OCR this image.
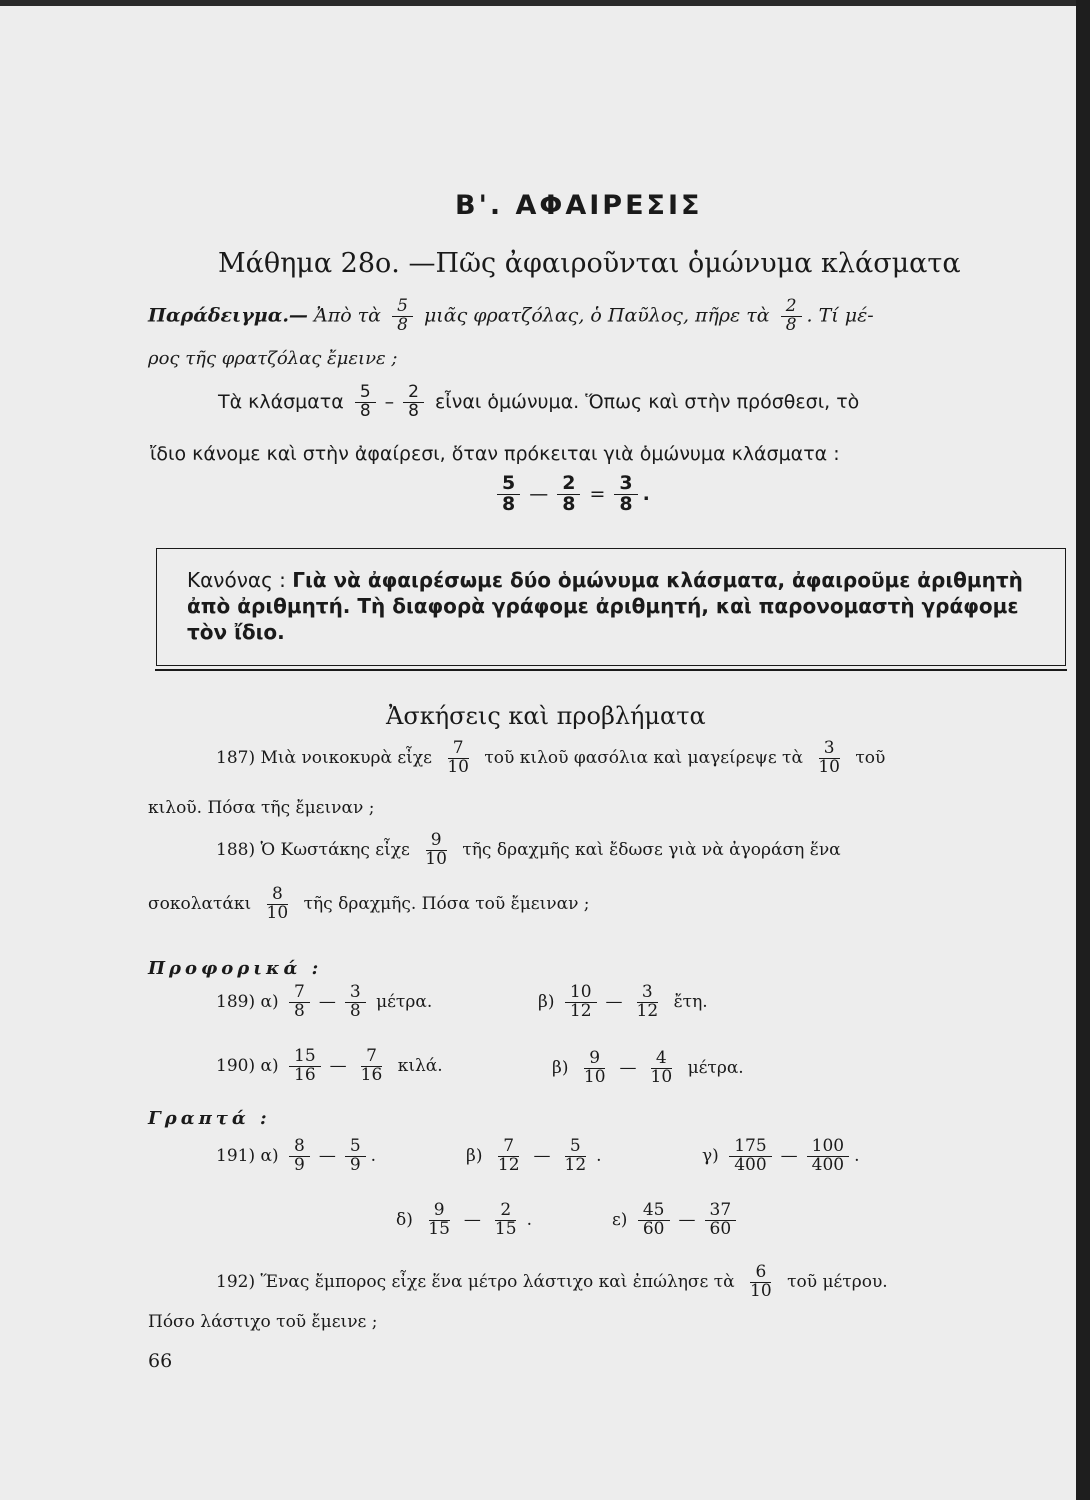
Β'. ΑΦΑΙΡΕΣΙΣ
Μάθημα 28ο. —Πῶς ἀφαιροῦνται ὁμώνυμα κλάσματα
Παράδειγμα.— Ἀπὸ τὰ $\frac{5}{8}$ μιᾶς φρατζόλας, ὁ Παῦλος, πῆρε τὰ $\frac{2}{8}$ . Τί μέ-
ρος τῆς φρατζόλας ἔμεινε ;
Τὰ κλάσματα $\frac{5}{8} - \frac{2}{8}$ εἶναι ὁμώνυμα. Ὅπως καὶ στὴν πρόσθεσι, τὸ
ἴδιο κάνομε καὶ στὴν ἀφαίρεσι, ὅταν πρόκειται γιὰ ὁμώνυμα κλάσματα :
$\frac{5}{8}$ — $\frac{2}{8} = \frac{3}{8}$ .
Κανόνας : Γιὰ νὰ ἀφαιρέσωμε δύο ὁμώνυμα κλάσματα, ἀφαιροῦμε ἀριθμητὴ ἀπὸ ἀριθμητή. Τὴ διαφορὰ γράφομε ἀριθμητή, καὶ παρονομαστὴ γράφομε τὸν ἴδιο.
Ἀσκήσεις καὶ προβλήματα
187) Μιὰ νοικοκυρὰ εἶχε $\frac{7}{10}$ τοῦ κιλοῦ φασόλια καὶ μαγείρεψε τὰ $\frac{3}{10}$ τοῦ
κιλοῦ. Πόσα τῆς ἔμειναν ;
188) Ὁ Κωστάκης εἶχε $\frac{9}{10}$ τῆς δραχμῆς καὶ ἔδωσε γιὰ νὰ ἀγοράση ἕνα
σοκολατάκι $\frac{8}{10}$ τῆς δραχμῆς. Πόσα τοῦ ἔμειναν ;
Προφορικά :
189) $\alpha) \frac{7}{8}$ — $\frac{3}{8} \mu έ\tau\rho\alpha$.	$\beta) \frac{10}{12}$ — $\frac{3}{12}$ ἔτη.
190) $\alpha) \frac{15}{16}$ — $\frac{7}{16} \kappa\iota\lambda ά$.	$\beta) \frac{9}{10}$ — $\frac{4}{10} \mu έ\tau\rho\alpha$.
Γραπτά :
191) $\alpha) \frac{8}{9}$ — $\frac{5}{9}$ .	$\beta) \frac{7}{12}$ — $\frac{5}{12}$ .	$\gamma) \frac{175}{400}$ — $\frac{100}{400}$ .
$\delta) \frac{9}{15}$ — $\frac{2}{15}$ .	$\varepsilon) \frac{45}{60}$ — $\frac{37}{60}$
192) Ἕνας ἔμπορος εἶχε ἕνα μέτρο λάστιχο καὶ ἐπώλησε τὰ $\frac{6}{10}$ τοῦ μέτρου.
Πόσο λάστιχο τοῦ ἔμεινε ;
66
